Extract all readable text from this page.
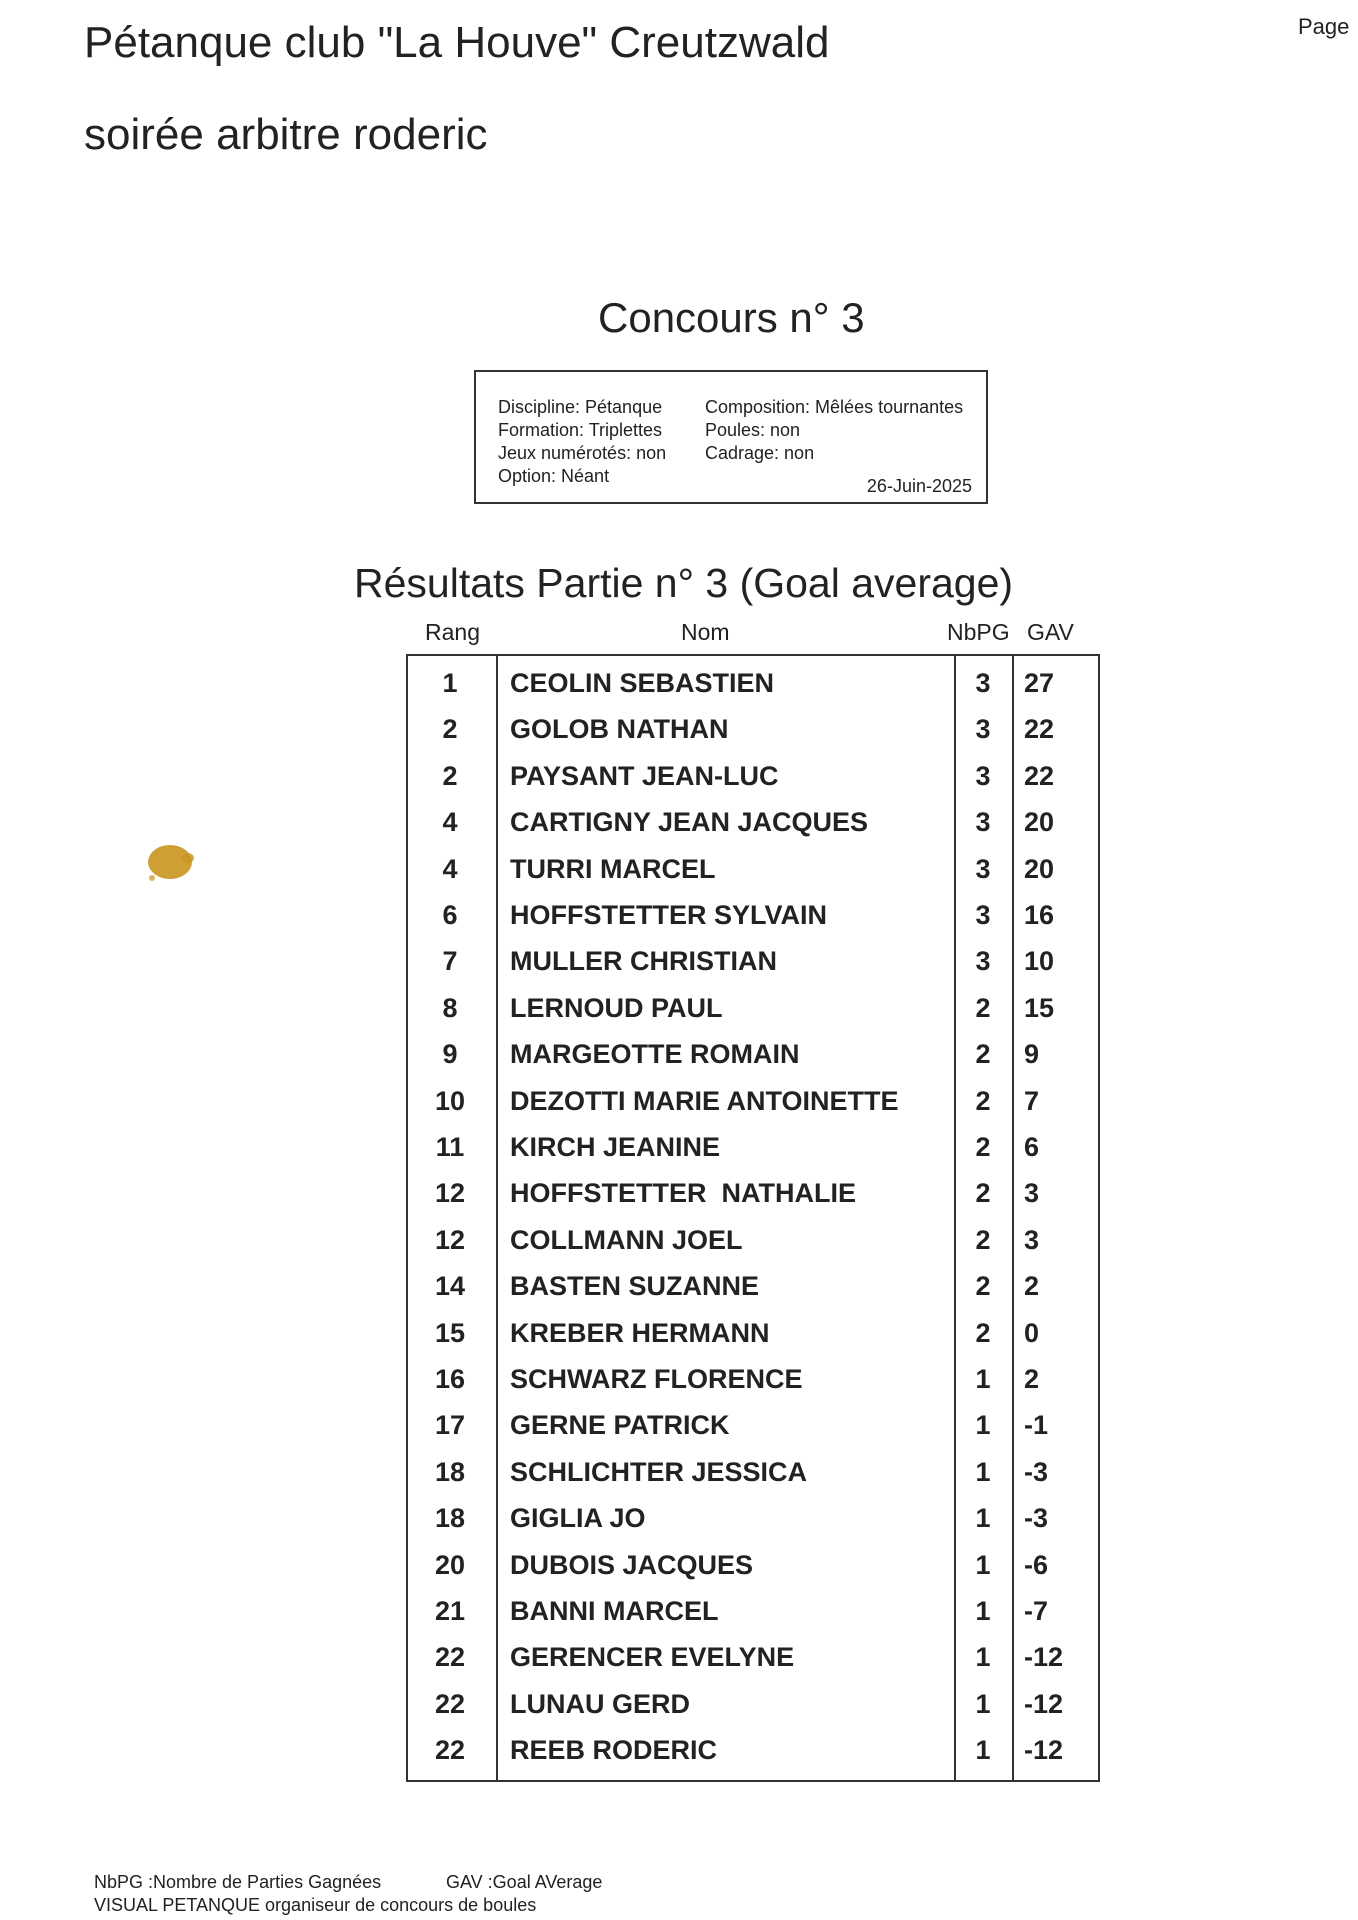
Pétanque club "La Houve" Creutzwald	Page
soirée arbitre roderic
Concours n° 3
Discipline: Pétanque
Formation: Triplettes
Jeux numérotés: non
Option: Néant
Composition: Mêlées tournantes
Poules: non
Cadrage: non
26-Juin-2025
Résultats Partie n° 3 (Goal average)
Rang	Nom	NbPG GAV
1	CEOLIN SEBASTIEN	3	27
2	GOLOB NATHAN	3	22
2	PAYSANT JEAN-LUC	3	22
4	CARTIGNY JEAN JACQUES	3	20
4	TURRI MARCEL	3	20
6	HOFFSTETTER SYLVAIN	3	16
7	MULLER CHRISTIAN	3	10
8	LERNOUD PAUL	2	15
9	MARGEOTTE ROMAIN	2	9
10	DEZOTTI MARIE ANTOINETTE	2	7
11	KIRCH JEANINE	2	6
12	HOFFSTETTER  NATHALIE	2	3
12	COLLMANN JOEL	2	3
14	BASTEN SUZANNE	2	2
15	KREBER HERMANN	2	0
16	SCHWARZ FLORENCE	1	2
17	GERNE PATRICK	1	-1
18	SCHLICHTER JESSICA	1	-3
18	GIGLIA JO	1	-3
20	DUBOIS JACQUES	1	-6
21	BANNI MARCEL	1	-7
22	GERENCER EVELYNE	1	-12
22	LUNAU GERD	1	-12
22	REEB RODERIC	1	-12
NbPG :Nombre de Parties Gagnées	GAV :Goal AVerage
VISUAL PETANQUE organiseur de concours de boules
